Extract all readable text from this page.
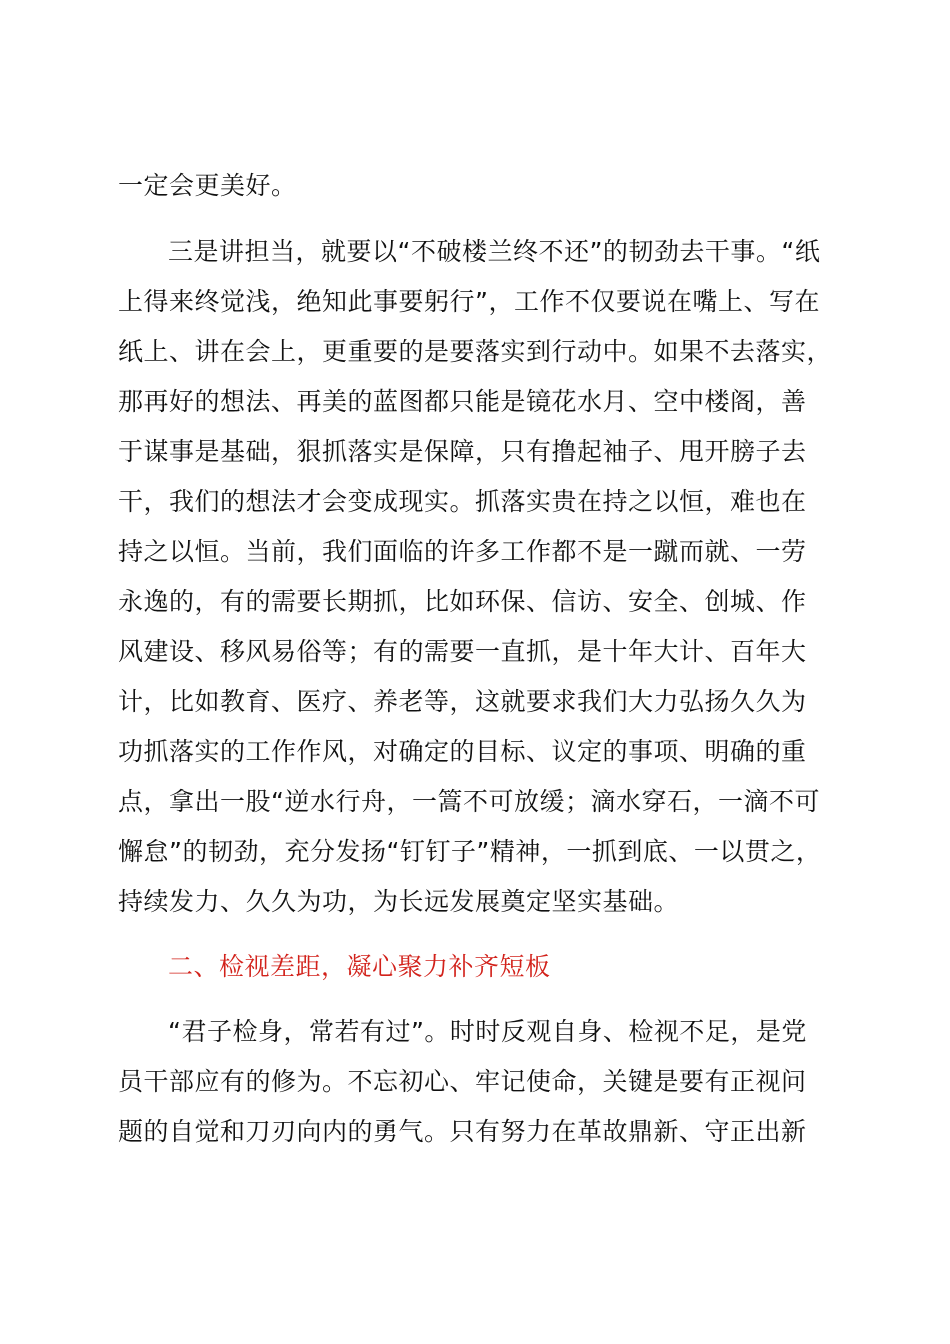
一定会更美好。
三是讲担当，就要以“不破楼兰终不还”的韧劲去干事。“纸
上得来终觉浅，绝知此事要躬行”，工作不仅要说在嘴上、写在
纸上、讲在会上，更重要的是要落实到行动中。如果不去落实，
那再好的想法、再美的蓝图都只能是镜花水月、空中楼阁，善
于谋事是基础，狠抓落实是保障，只有撸起袖子、甩开膀子去
干，我们的想法才会变成现实。抓落实贵在持之以恒，难也在
持之以恒。当前，我们面临的许多工作都不是一蹴而就、一劳
永逸的，有的需要长期抓，比如环保、信访、安全、创城、作
风建设、移风易俗等；有的需要一直抓，是十年大计、百年大
计，比如教育、医疗、养老等，这就要求我们大力弘扬久久为
功抓落实的工作作风，对确定的目标、议定的事项、明确的重
点，拿出一股“逆水行舟，一篙不可放缓；滴水穿石，一滴不可
懈怠”的韧劲，充分发扬“钉钉子”精神，一抓到底、一以贯之，
持续发力、久久为功，为长远发展奠定坚实基础。
二、检视差距，凝心聚力补齐短板
“君子检身，常若有过”。时时反观自身、检视不足，是党
员干部应有的修为。不忘初心、牢记使命，关键是要有正视问
题的自觉和刀刃向内的勇气。只有努力在革故鼎新、守正出新
